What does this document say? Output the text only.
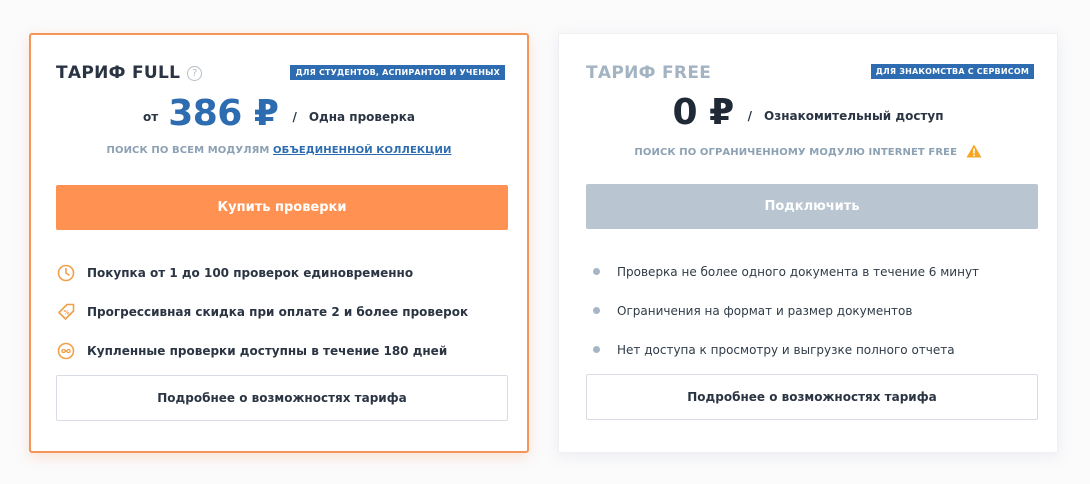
ТАРИФ FULL	?	ДЛЯ СТУДЕНТОВ, АСПИРАНТОВ И УЧЕНЫХ
от 386 ₽ / Одна проверка
ПОИСК ПО ВСЕМ МОДУЛЯМ ОБЪЕДИНЕННОЙ КОЛЛЕКЦИИ
Купить проверки
Покупка от 1 до 100 проверок единовременно
% Прогрессивная скидка при оплате 2 и более проверок
Купленные проверки доступны в течение 180 дней
Подробнее о возможностях тарифа
ТАРИФ FREE	ДЛЯ ЗНАКОМСТВА С СЕРВИСОМ
0 ₽ / Ознакомительный доступ
ПОИСК ПО ОГРАНИЧЕННОМУ МОДУЛЮ INTERNET FREE
Подключить
Проверка не более одного документа в течение 6 минут
Ограничения на формат и размер документов
Нет доступа к просмотру и выгрузке полного отчета
Подробнее о возможностях тарифа
